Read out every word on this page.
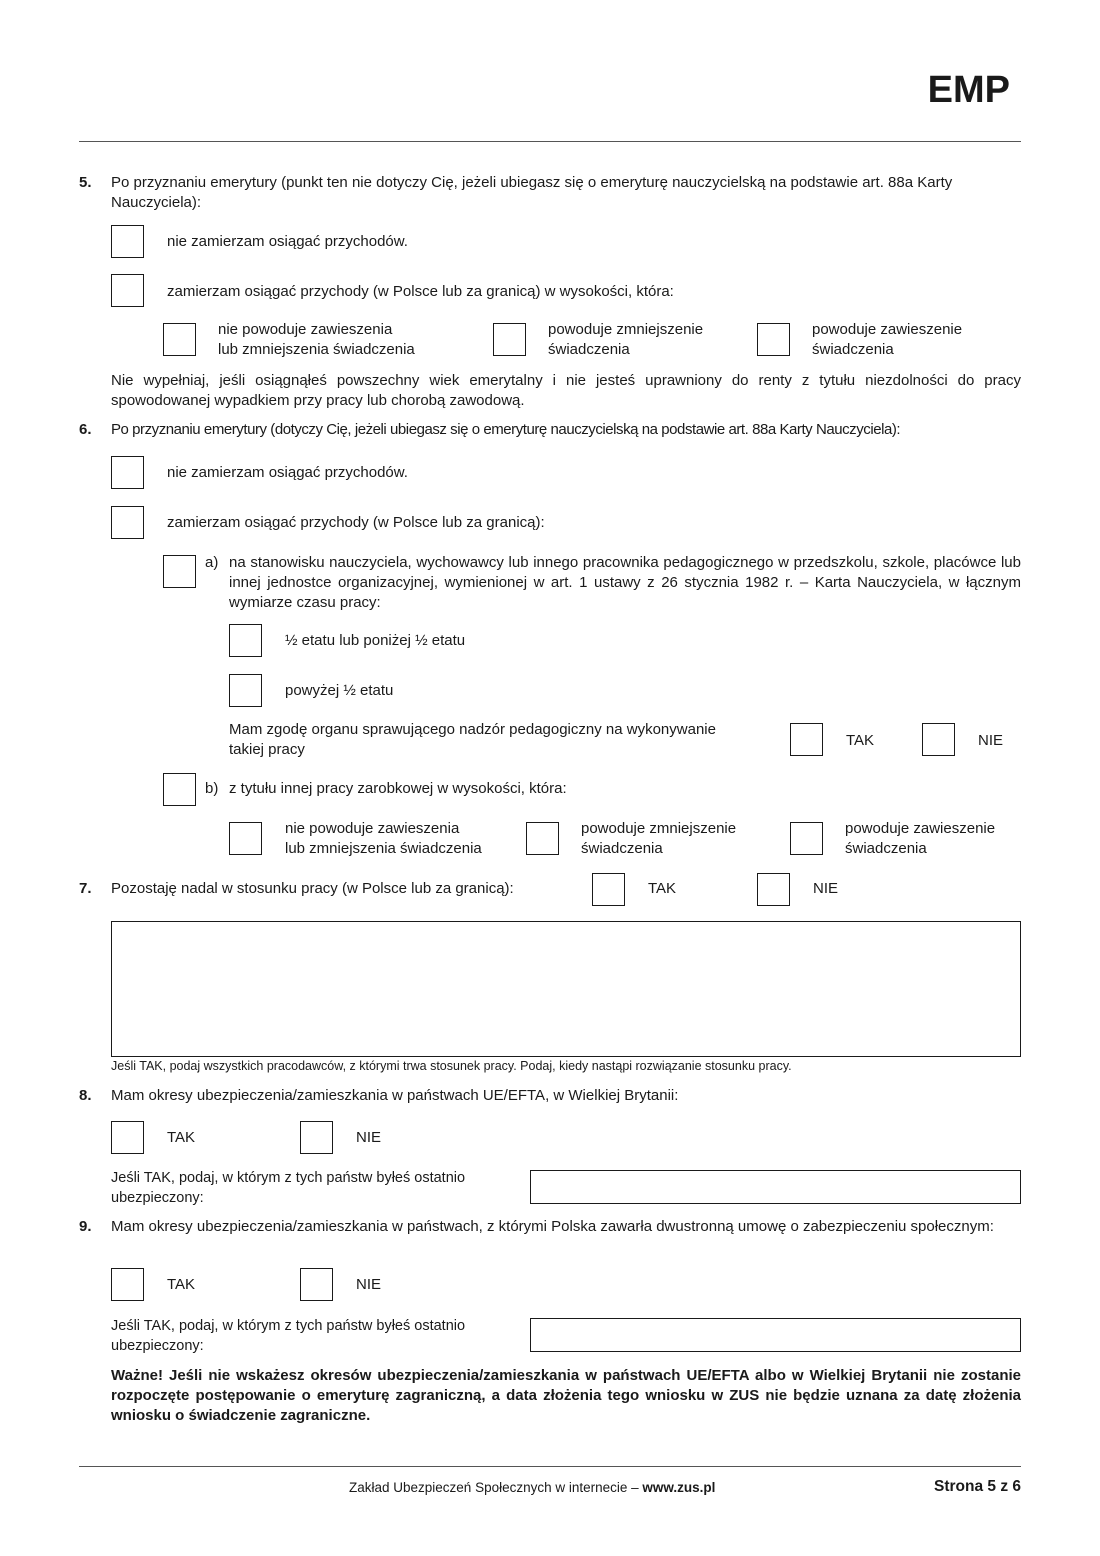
EMP
5. Po przyznaniu emerytury (punkt ten nie dotyczy Cię, jeżeli ubiegasz się o emeryturę nauczycielską na podstawie art. 88a Karty Nauczyciela):
nie zamierzam osiągać przychodów.
zamierzam osiągać przychody (w Polsce lub za granicą) w wysokości, która:
nie powoduje zawieszenia
lub zmniejszenia świadczenia
powoduje zmniejszenie
świadczenia
powoduje zawieszenie
świadczenia
Nie wypełniaj, jeśli osiągnąłeś powszechny wiek emerytalny i nie jesteś uprawniony do renty z tytułu niezdolności do pracy spowodowanej wypadkiem przy pracy lub chorobą zawodową.
6. Po przyznaniu emerytury (dotyczy Cię, jeżeli ubiegasz się o emeryturę nauczycielską na podstawie art. 88a Karty Nauczyciela):
nie zamierzam osiągać przychodów.
zamierzam osiągać przychody (w Polsce lub za granicą):
a) na stanowisku nauczyciela, wychowawcy lub innego pracownika pedagogicznego w przedszkolu, szkole, placówce lub innej jednostce organizacyjnej, wymienionej w art. 1 ustawy z 26 stycznia 1982 r. – Karta Nauczyciela, w łącznym wymiarze czasu pracy:
½ etatu lub poniżej ½ etatu
powyżej ½ etatu
Mam zgodę organu sprawującego nadzór pedagogiczny na wykonywanie
takiej pracy
TAK	NIE
b) z tytułu innej pracy zarobkowej w wysokości, która:
nie powoduje zawieszenia
lub zmniejszenia świadczenia
powoduje zmniejszenie
świadczenia
powoduje zawieszenie
świadczenia
7. Pozostaję nadal w stosunku pracy (w Polsce lub za granicą):	TAK	NIE
Jeśli TAK, podaj wszystkich pracodawców, z którymi trwa stosunek pracy. Podaj, kiedy nastąpi rozwiązanie stosunku pracy.
8. Mam okresy ubezpieczenia/zamieszkania w państwach UE/EFTA, w Wielkiej Brytanii:
TAK	NIE
Jeśli TAK, podaj, w którym z tych państw byłeś ostatnio
ubezpieczony:
9. Mam okresy ubezpieczenia/zamieszkania w państwach, z którymi Polska zawarła dwustronną umowę o zabezpieczeniu społecznym:
TAK	NIE
Jeśli TAK, podaj, w którym z tych państw byłeś ostatnio
ubezpieczony:
Ważne! Jeśli nie wskażesz okresów ubezpieczenia/zamieszkania w państwach UE/EFTA albo w Wielkiej Brytanii nie zostanie rozpoczęte postępowanie o emeryturę zagraniczną, a data złożenia tego wniosku w ZUS nie będzie uznana za datę złożenia wniosku o świadczenie zagraniczne.
Zakład Ubezpieczeń Społecznych w internecie – www.zus.pl	Strona 5 z 6
